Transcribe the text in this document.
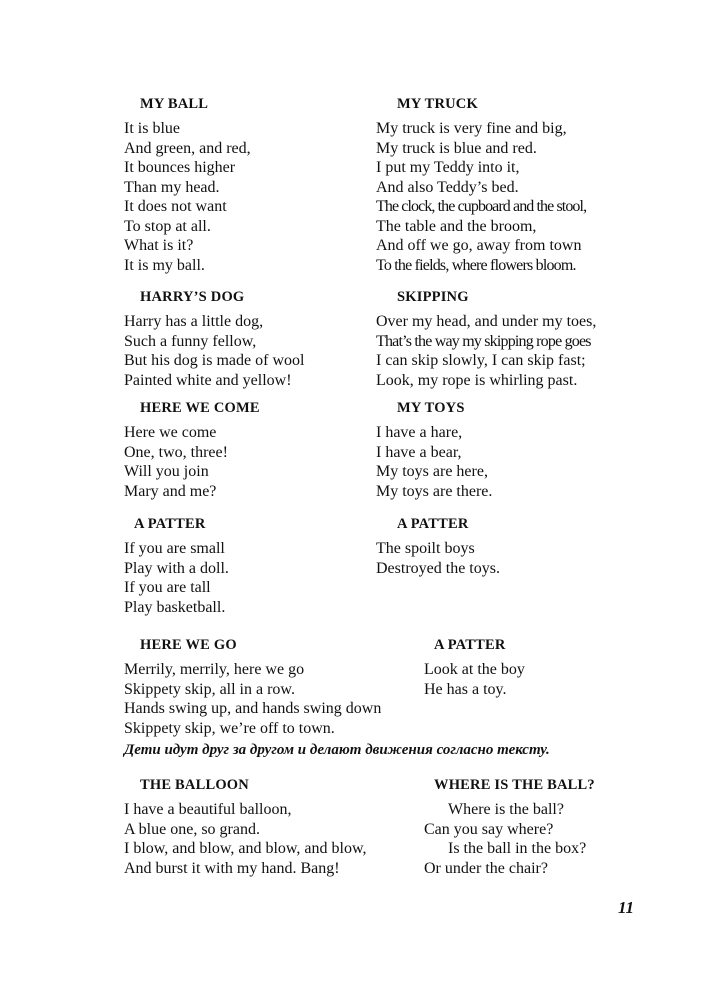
MY BALL
It is blue
And green, and red,
It bounces higher
Than my head.
It does not want
To stop at all.
What is it?
It is my ball.
MY TRUCK
My truck is very fine and big,
My truck is blue and red.
I put my Teddy into it,
And also Teddy’s bed.
The clock, the cupboard and the stool,
The table and the broom,
And off we go, away from town
To the fields, where flowers bloom.
HARRY’S DOG
Harry has a little dog,
Such a funny fellow,
But his dog is made of wool
Painted white and yellow!
SKIPPING
Over my head, and under my toes,
That’s the way my skipping rope goes
I can skip slowly, I can skip fast;
Look, my rope is whirling past.
HERE WE COME
Here we come
One, two, three!
Will you join
Mary and me?
MY TOYS
I have a hare,
I have a bear,
My toys are here,
My toys are there.
A PATTER
If you are small
Play with a doll.
If you are tall
Play basketball.
A PATTER
The spoilt boys
Destroyed the toys.
HERE WE GO
Merrily, merrily, here we go
Skippety skip, all in a row.
Hands swing up, and hands swing down
Skippety skip, we’re off to town.
A PATTER
Look at the boy
He has a toy.
Дети идут друг за другом и делают движения согласно тексту.
THE BALLOON
I have a beautiful balloon,
A blue one, so grand.
I blow, and blow, and blow, and blow,
And burst it with my hand. Bang!
WHERE IS THE BALL?
Where is the ball?
Can you say where?
Is the ball in the box?
Or under the chair?
11
